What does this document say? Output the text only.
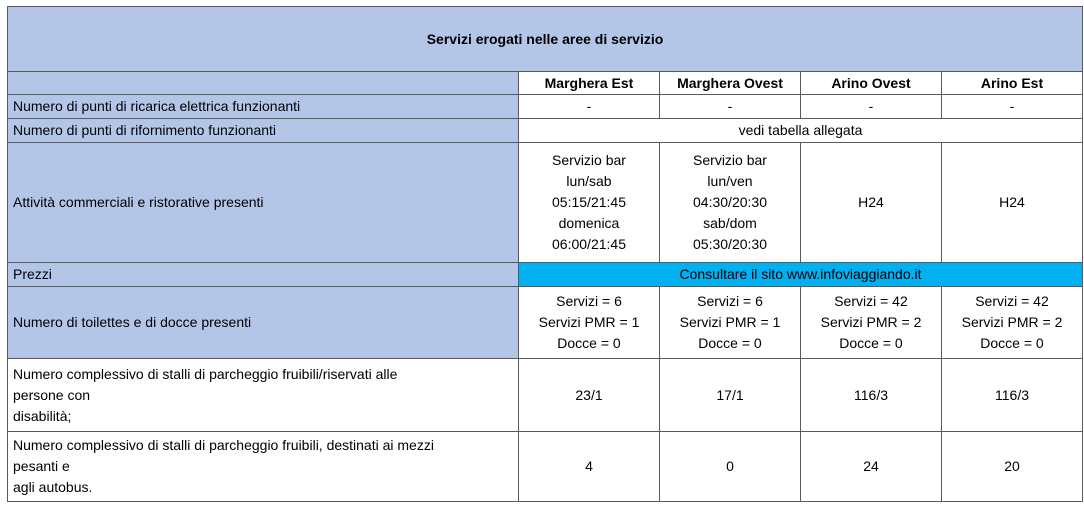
Servizi erogati nelle aree di servizio				
	Marghera Est	Marghera Ovest	Arino Ovest	Arino Est
Numero di punti di ricarica elettrica funzionanti	-	-	-	-
Numero di punti di rifornimento funzionanti	vedi tabella allegata			
Attività commerciali e ristorative presenti	Servizio bar
lun/sab
05:15/21:45
domenica
06:00/21:45	Servizio bar
lun/ven
04:30/20:30
sab/dom
05:30/20:30	H24	H24
Prezzi	Consultare il sito www.infoviaggiando.it			
Numero di toilettes e di docce presenti	Servizi = 6
Servizi PMR = 1
Docce = 0	Servizi = 6
Servizi PMR = 1
Docce = 0	Servizi = 42
Servizi PMR = 2
Docce = 0	Servizi = 42
Servizi PMR = 2
Docce = 0
Numero complessivo di stalli di parcheggio fruibili/riservati alle
persone con
disabilità;	23/1	17/1	116/3	116/3
Numero complessivo di stalli di parcheggio fruibili, destinati ai mezzi
pesanti e
agli autobus.	4	0	24	20
